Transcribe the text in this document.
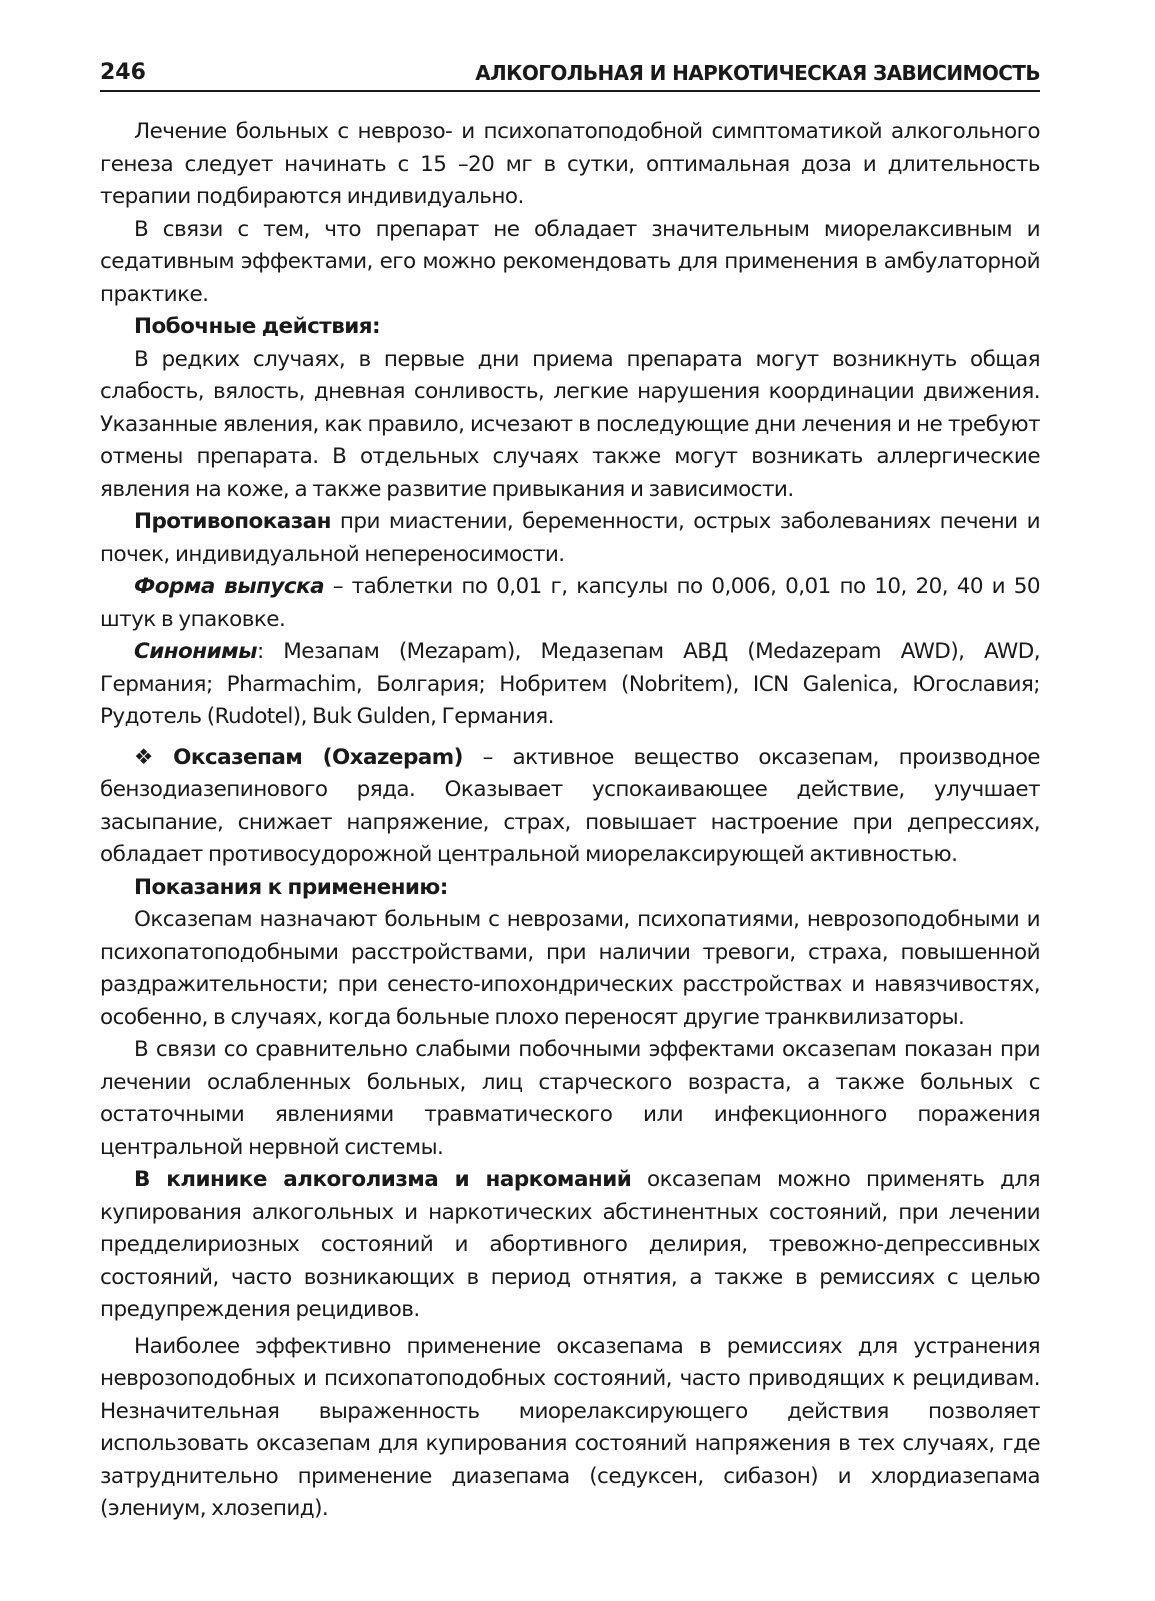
246	АЛКОГОЛЬНАЯ И НАРКОТИЧЕСКАЯ ЗАВИСИМОСТЬ

Лечение больных с неврозо- и психопатоподобной симптоматикой алкогольного генеза следует начинать с 15 –20 мг в сутки, оптимальная доза и длительность терапии подбираются индивидуально.

В связи с тем, что препарат не обладает значительным миорелаксивным и седативным эффектами, его можно рекомендовать для применения в амбулаторной практике.

Побочные действия:

В редких случаях, в первые дни приема препарата могут возникнуть общая слабость, вялость, дневная сонливость, легкие нарушения координации движения. Указанные явления, как правило, исчезают в последующие дни лечения и не требуют отмены препарата. В отдельных случаях также могут возникать аллергические явления на коже, а также развитие привыкания и зависимости.

Противопоказан при миастении, беременности, острых заболеваниях печени и почек, индивидуальной непереносимости.

Форма выпуска – таблетки по 0,01 г, капсулы по 0,006, 0,01 по 10, 20, 40 и 50 штук в упаковке.

Синонимы: Мезапам (Mezapam), Медазепам АВД (Medazepam AWD), AWD, Германия; Pharmachim, Болгария; Нобритем (Nobritem), ICN Galenica, Югославия; Рудотель (Rudotel), Buk Gulden, Германия.

❖ Оксазепам (Oxazepam) – активное вещество оксазепам, производное бензодиазепинового ряда. Оказывает успокаивающее действие, улучшает засыпание, снижает напряжение, страх, повышает настроение при депрессиях, обладает противосудорожной центральной миорелаксирующей активностью.

Показания к применению:

Оксазепам назначают больным с неврозами, психопатиями, неврозоподобными и психопатоподобными расстройствами, при наличии тревоги, страха, повышенной раздражительности; при сенесто-ипохондрических расстройствах и навязчивостях, особенно, в случаях, когда больные плохо переносят другие транквилизаторы.

В связи со сравнительно слабыми побочными эффектами оксазепам показан при лечении ослабленных больных, лиц старческого возраста, а также больных с остаточными явлениями травматического или инфекционного поражения центральной нервной системы.

В клинике алкоголизма и наркоманий оксазепам можно применять для купирования алкогольных и наркотических абстинентных состояний, при лечении предделириозных состояний и абортивного делирия, тревожно-депрессивных состояний, часто возникающих в период отнятия, а также в ремиссиях с целью предупреждения рецидивов.

Наиболее эффективно применение оксазепама в ремиссиях для устранения неврозоподобных и психопатоподобных состояний, часто приводящих к рецидивам. Незначительная выраженность миорелаксирующего действия позволяет использовать оксазепам для купирования состояний напряжения в тех случаях, где затруднительно применение диазепама (седуксен, сибазон) и хлордиазепама (элениум, хлозепид).
